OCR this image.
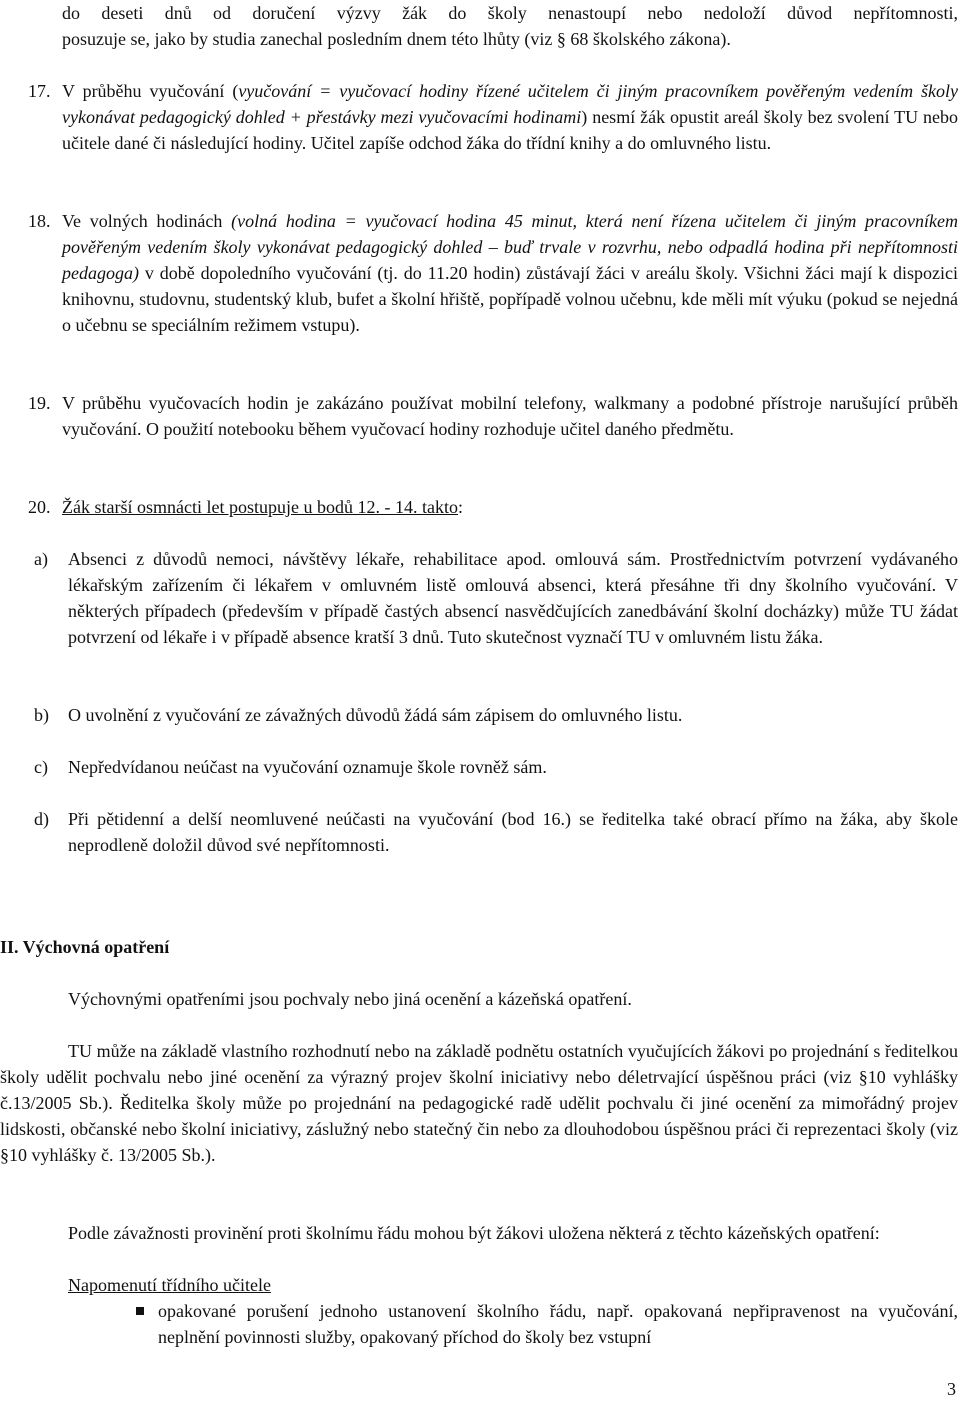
do deseti dnů od doručení výzvy žák do školy nenastoupí nebo nedoloží důvod nepřítomnosti,
posuzuje se, jako by studia zanechal posledním dnem této lhůty (viz § 68 školského zákona).
17. V průběhu vyučování (vyučování = vyučovací hodiny řízené učitelem či jiným pracovníkem pověřeným vedením školy vykonávat pedagogický dohled + přestávky mezi vyučovacími hodinami) nesmí žák opustit areál školy bez svolení TU nebo učitele dané či následující hodiny. Učitel zapíše odchod žáka do třídní knihy a do omluvného listu.
18. Ve volných hodinách (volná hodina = vyučovací hodina 45 minut, která není řízena učitelem či jiným pracovníkem pověřeným vedením školy vykonávat pedagogický dohled – buď trvale v rozvrhu, nebo odpadlá hodina při nepřítomnosti pedagoga) v době dopoledního vyučování (tj. do 11.20 hodin) zůstávají žáci v areálu školy. Všichni žáci mají k dispozici knihovnu, studovnu, studentský klub, bufet a školní hřiště, popřípadě volnou učebnu, kde měli mít výuku (pokud se nejedná o učebnu se speciálním režimem vstupu).
19. V průběhu vyučovacích hodin je zakázáno používat mobilní telefony, walkmany a podobné přístroje narušující průběh vyučování. O použití notebooku během vyučovací hodiny rozhoduje učitel daného předmětu.
20. Žák starší osmnácti let postupuje u bodů 12. - 14. takto:
a) Absenci z důvodů nemoci, návštěvy lékaře, rehabilitace apod. omlouvá sám. Prostřednictvím potvrzení vydávaného lékařským zařízením či lékařem v omluvném listě omlouvá absenci, která přesáhne tři dny školního vyučování. V některých případech (především v případě častých absencí nasvědčujících zanedbávání školní docházky) může TU žádat potvrzení od lékaře i v případě absence kratší 3 dnů. Tuto skutečnost vyznačí TU v omluvném listu žáka.
b) O uvolnění z vyučování ze závažných důvodů žádá sám zápisem do omluvného listu.
c) Nepředvídanou neúčast na vyučování oznamuje škole rovněž sám.
d) Při pětidenní a delší neomluvené neúčasti na vyučování (bod 16.) se ředitelka také obrací přímo na žáka, aby škole neprodleně doložil důvod své nepřítomnosti.
II. Výchovná opatření
Výchovnými opatřeními jsou pochvaly nebo jiná ocenění a kázeňská opatření.
TU může na základě vlastního rozhodnutí nebo na základě podnětu ostatních vyučujících žákovi po projednání s ředitelkou školy udělit pochvalu nebo jiné ocenění za výrazný projev školní iniciativy nebo déletrvající úspěšnou práci (viz §10 vyhlášky č.13/2005 Sb.). Ředitelka školy může po projednání na pedagogické radě udělit pochvalu či jiné ocenění za mimořádný projev lidskosti, občanské nebo školní iniciativy, záslužný nebo statečný čin nebo za dlouhodobou úspěšnou práci či reprezentaci školy (viz §10 vyhlášky č. 13/2005 Sb.).
Podle závažnosti provinění proti školnímu řádu mohou být žákovi uložena některá z těchto kázeňských opatření:
Napomenutí třídního učitele
opakované porušení jednoho ustanovení školního řádu, např. opakovaná nepřipravenost na vyučování, neplnění povinnosti služby, opakovaný příchod do školy bez vstupní
3
